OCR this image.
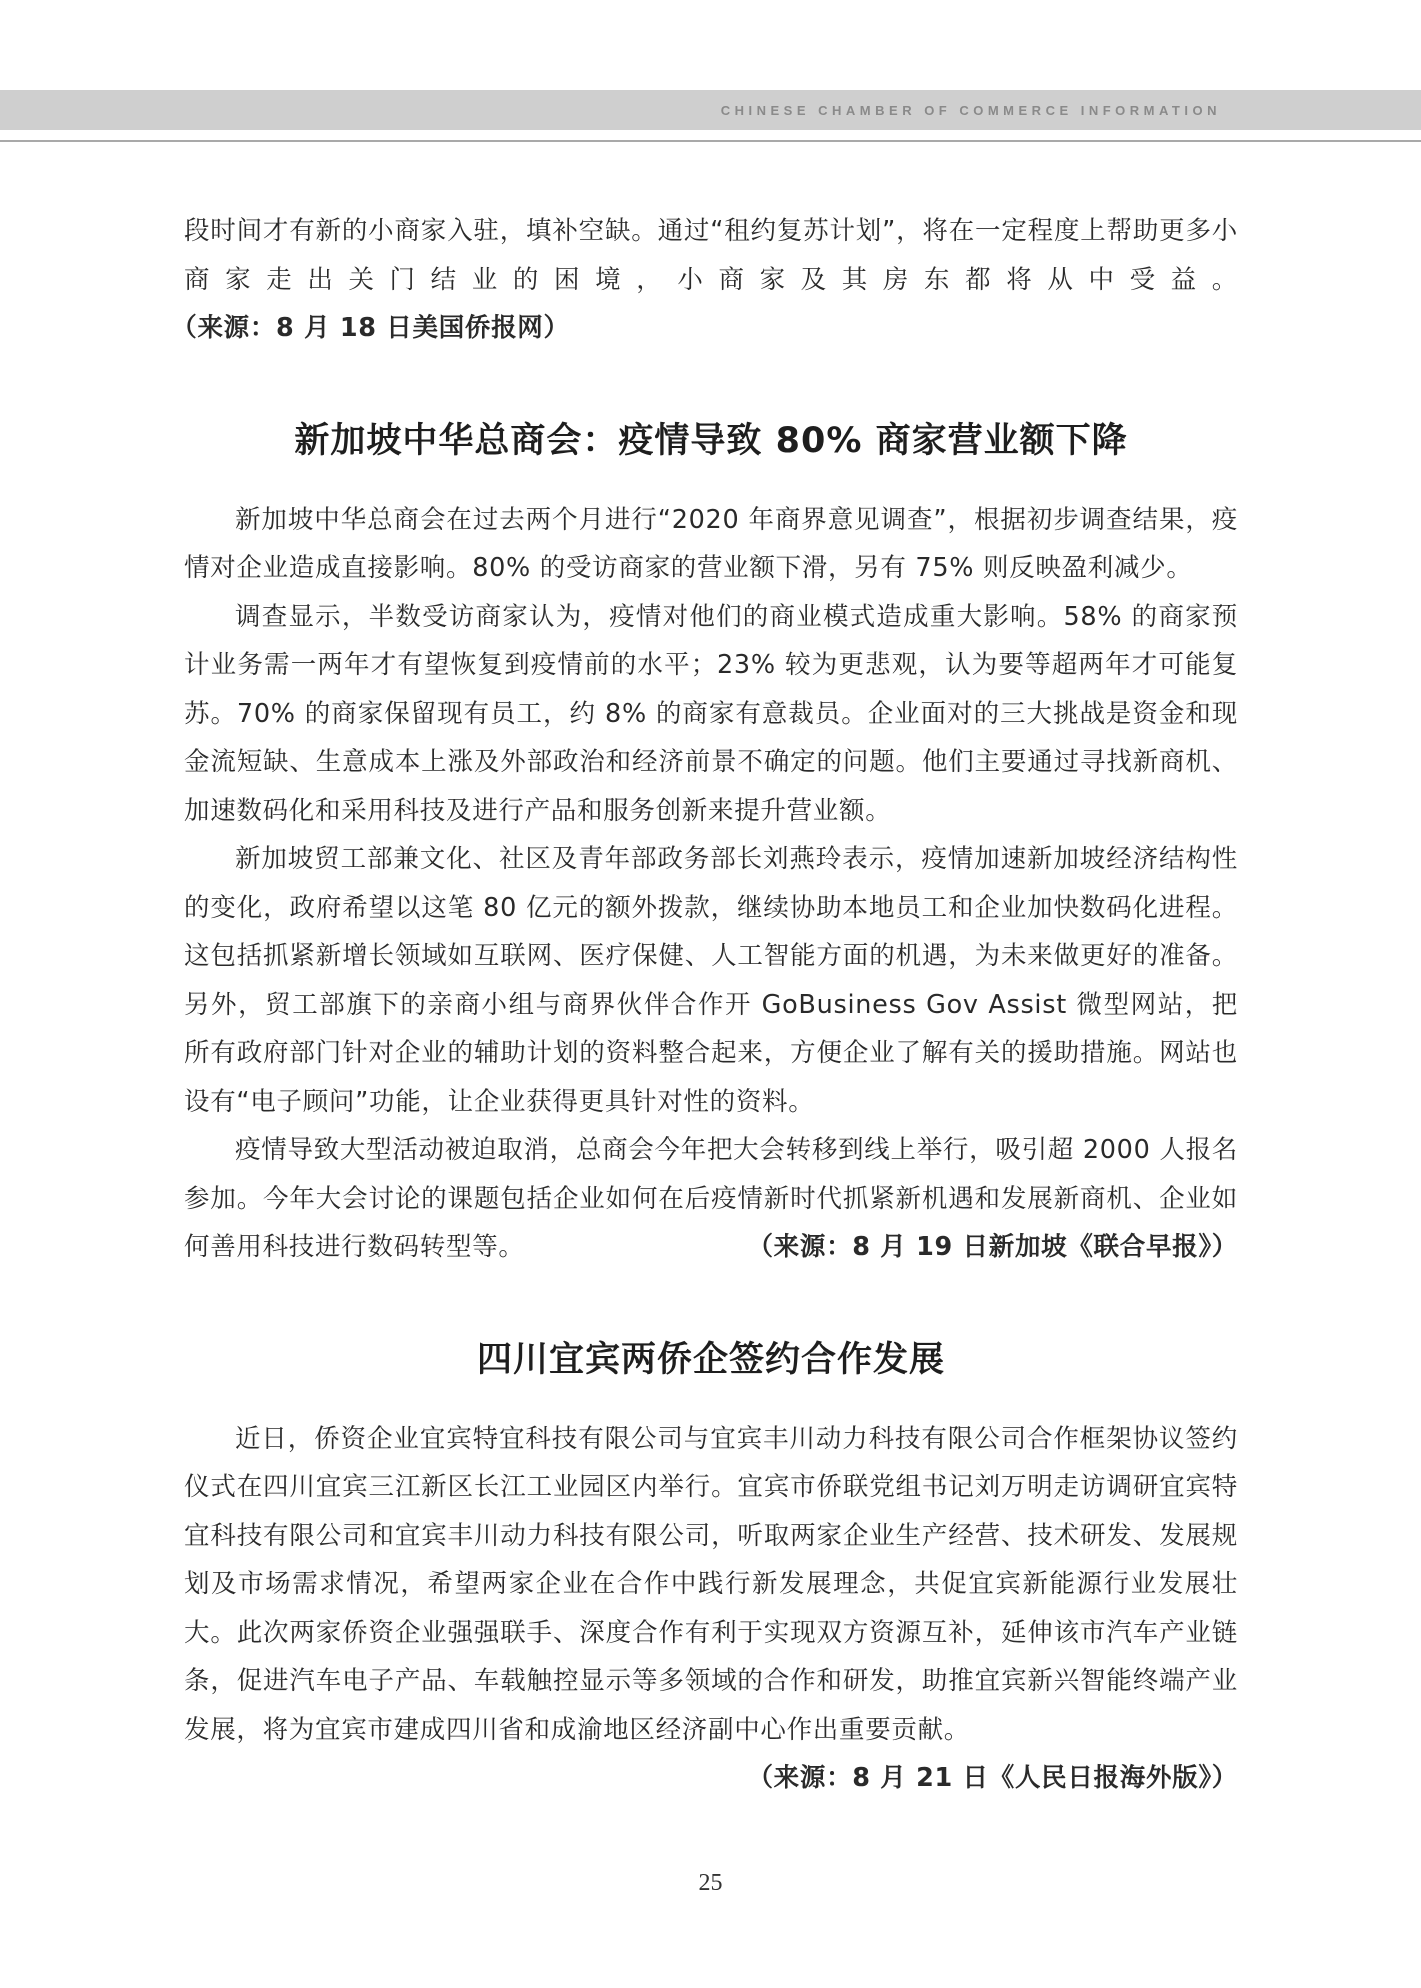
CHINESE CHAMBER OF COMMERCE INFORMATION

段时间才有新的小商家入驻，填补空缺。通过“租约复苏计划”，将在一定程度上帮助更多小商家走出关门结业的困境，小商家及其房东都将从中受益。（来源：8 月 18 日美国侨报网）

新加坡中华总商会：疫情导致 80% 商家营业额下降

新加坡中华总商会在过去两个月进行“2020 年商界意见调查”，根据初步调查结果，疫情对企业造成直接影响。80% 的受访商家的营业额下滑，另有 75% 则反映盈利减少。

调查显示，半数受访商家认为，疫情对他们的商业模式造成重大影响。58% 的商家预计业务需一两年才有望恢复到疫情前的水平；23% 较为更悲观，认为要等超两年才可能复苏。70% 的商家保留现有员工，约 8% 的商家有意裁员。企业面对的三大挑战是资金和现金流短缺、生意成本上涨及外部政治和经济前景不确定的问题。他们主要通过寻找新商机、加速数码化和采用科技及进行产品和服务创新来提升营业额。

新加坡贸工部兼文化、社区及青年部政务部长刘燕玲表示，疫情加速新加坡经济结构性的变化，政府希望以这笔 80 亿元的额外拨款，继续协助本地员工和企业加快数码化进程。这包括抓紧新增长领域如互联网、医疗保健、人工智能方面的机遇，为未来做更好的准备。另外，贸工部旗下的亲商小组与商界伙伴合作开 GoBusiness Gov Assist 微型网站，把所有政府部门针对企业的辅助计划的资料整合起来，方便企业了解有关的援助措施。网站也设有“电子顾问”功能，让企业获得更具针对性的资料。

疫情导致大型活动被迫取消，总商会今年把大会转移到线上举行，吸引超 2000 人报名参加。今年大会讨论的课题包括企业如何在后疫情新时代抓紧新机遇和发展新商机、企业如何善用科技进行数码转型等。	（来源：8 月 19 日新加坡《联合早报》）

四川宜宾两侨企签约合作发展

近日，侨资企业宜宾特宜科技有限公司与宜宾丰川动力科技有限公司合作框架协议签约仪式在四川宜宾三江新区长江工业园区内举行。宜宾市侨联党组书记刘万明走访调研宜宾特宜科技有限公司和宜宾丰川动力科技有限公司，听取两家企业生产经营、技术研发、发展规划及市场需求情况，希望两家企业在合作中践行新发展理念，共促宜宾新能源行业发展壮大。此次两家侨资企业强强联手、深度合作有利于实现双方资源互补，延伸该市汽车产业链条，促进汽车电子产品、车载触控显示等多领域的合作和研发，助推宜宾新兴智能终端产业发展，将为宜宾市建成四川省和成渝地区经济副中心作出重要贡献。

（来源：8 月 21 日《人民日报海外版》）

25
